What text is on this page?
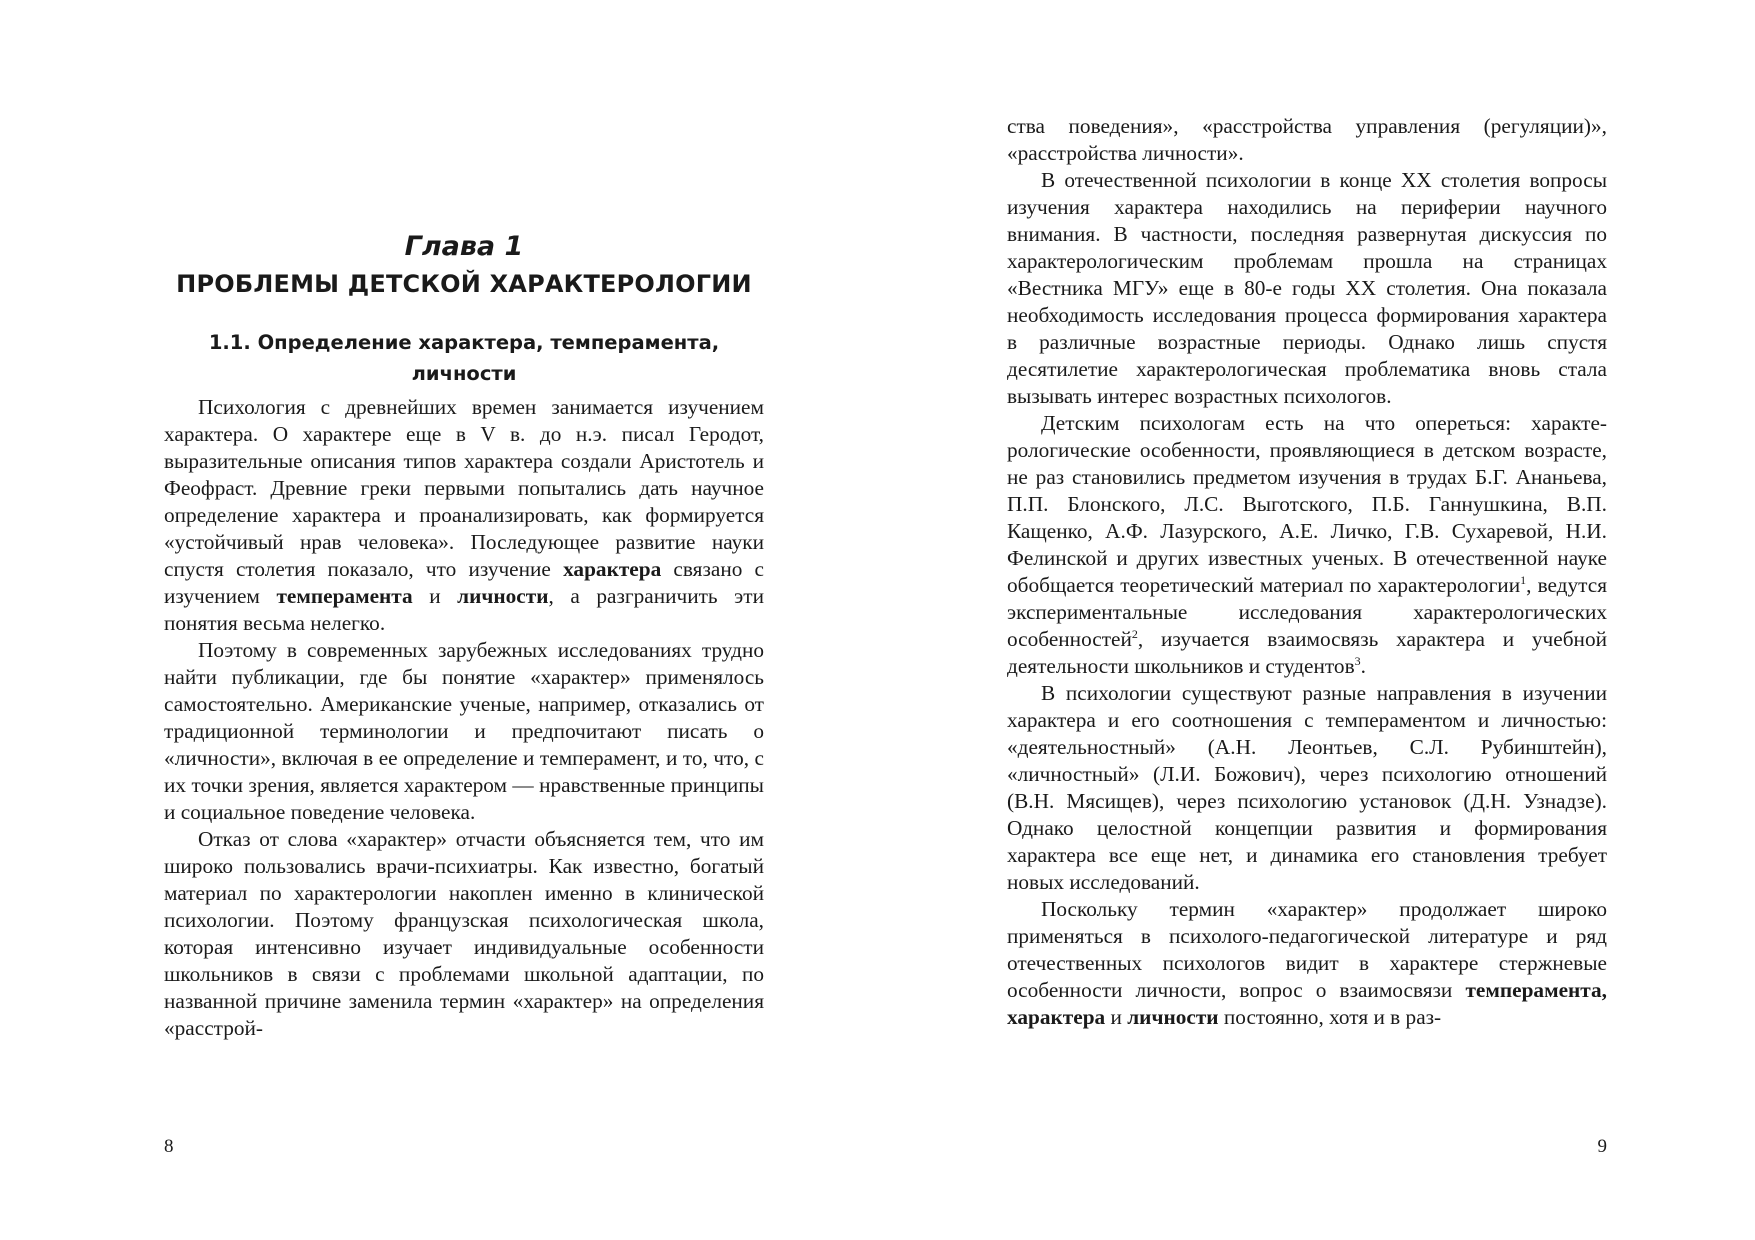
Глава 1
ПРОБЛЕМЫ ДЕТСКОЙ ХАРАКТЕРОЛОГИИ
1.1. Определение характера, темперамента,
личности

Психология с древнейших времен занимается изучением характера. О характере еще в V в. до н.э. писал Геродот, выразительные описания типов характера создали Аристотель и Феофраст. Древние греки первыми попытались дать научное определение характера и проанализировать, как формируется «устойчивый нрав человека». Последующее развитие науки спустя столетия показало, что изучение характера связано с изучением темперамента и личности, а разграничить эти понятия весьма нелегко.

Поэтому в современных зарубежных исследованиях трудно найти публикации, где бы понятие «характер» применялось самостоятельно. Американские ученые, например, отказались от традиционной терминологии и предпочитают писать о «личности», включая в ее определение и темперамент, и то, что, с их точки зрения, является характером — нравственные принципы и социальное поведение человека.

Отказ от слова «характер» отчасти объясняется тем, что им широко пользовались врачи-психиатры. Как известно, богатый материал по характерологии накоплен именно в клинической психологии. Поэтому французская психологическая школа, которая интенсивно изучает индивидуальные особенности школьников в связи с проблемами школьной адаптации, по названной причине заменила термин «характер» на определения «расстрой-

8

ства поведения», «расстройства управления (регуляции)», «расстройства личности».

В отечественной психологии в конце XX столетия вопросы изучения характера находились на периферии научного внимания. В частности, последняя развернутая дискуссия по характерологическим проблемам прошла на страницах «Вестника МГУ» еще в 80-е годы XX столетия. Она показала необходимость исследования процесса формирования характера в различные возрастные периоды. Однако лишь спустя десятилетие характерологическая проблематика вновь стала вызывать интерес возрастных психологов.

Детским психологам есть на что опереться: характерологические особенности, проявляющиеся в детском возрасте, не раз становились предметом изучения в трудах Б.Г. Ананьева, П.П. Блонского, Л.С. Выготского, П.Б. Ганнушкина, В.П. Кащенко, А.Ф. Лазурского, А.Е. Личко, Г.В. Сухаревой, Н.И. Фелинской и других известных ученых. В отечественной науке обобщается теоретический материал по характерологии$^1$, ведутся экспериментальные исследования характерологических особенностей$^2$, изучается взаимосвязь характера и учебной деятельности школьников и студентов$^3$.

В психологии существуют разные направления в изучении характера и его соотношения с темпераментом и личностью: «деятельностный» (А.Н. Леонтьев, С.Л. Рубинштейн), «личностный» (Л.И. Божович), через психологию отношений (В.Н. Мясищев), через психологию установок (Д.Н. Узнадзе). Однако целостной концепции развития и формирования характера все еще нет, и динамика его становления требует новых исследований.

Поскольку термин «характер» продолжает широко применяться в психолого-педагогической литературе и ряд отечественных психологов видит в характере стержневые особенности личности, вопрос о взаимосвязи темперамента, характера и личности постоянно, хотя и в раз-

9
